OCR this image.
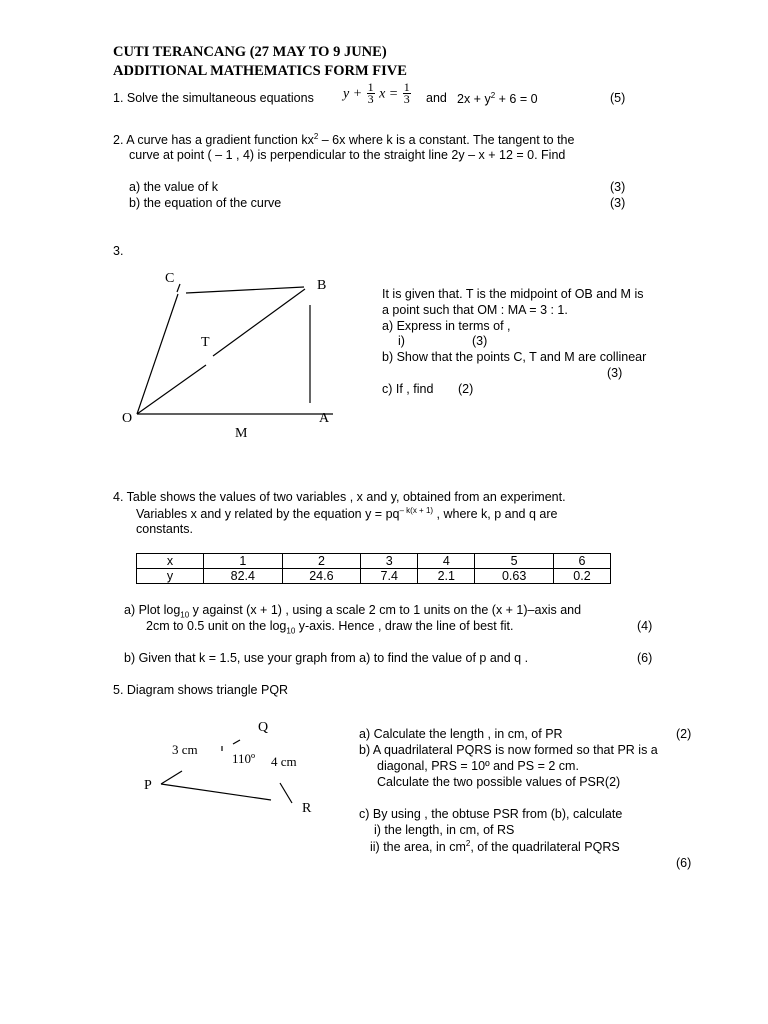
CUTI TERANCANG (27 MAY TO 9 JUNE)
ADDITIONAL MATHEMATICS FORM FIVE
1. Solve the simultaneous equations $y + \frac{1}{3}$ $x = \frac{1}{3}$ and $2x + y^2 + 6 = 0$	(5)
2. A curve has a gradient function $kx^2 - 6x$ where k is a constant. The tangent to the
curve at point ( – 1 , 4) is perpendicular to the straight line 2y – x + 12 = 0. Find
a) the value of k	(3)
b) the equation of the curve	(3)
3.
C	B
T
O	A
M
Q
P
R
3 cm
110º 4 cm
It is given that. T is the midpoint of OB and M is
a point such that OM : MA = 3 : 1.
a) Express in terms of ,
i)	(3)
b) Show that the points C, T and M are collinear
(3)
c) If , find (2)
4. Table shows the values of two variables , x and y, obtained from an experiment.
Variables x and y related by the equation $y = pq^{- k(x + 1)}$ , where k, p and q are
constants.
x	1	2	3	4	5	6
y	82.4	24.6	7.4	2.1	0.63	0.2
a) Plot $\log_{10} y$ against (x + 1) , using a scale 2 cm to 1 units on the (x + 1)–axis and
2cm to 0.5 unit on the $\log_{10}$ y-axis. Hence , draw the line of best fit.	(4)
b) Given that k = 1.5, use your graph from a) to find the value of p and q .	(6)
5. Diagram shows triangle PQR
a) Calculate the length , in cm, of PR	(2)
b) A quadrilateral PQRS is now formed so that PR is a
diagonal, PRS = 10º and PS = 2 cm.
Calculate the two possible values of PSR(2)
c) By using , the obtuse PSR from (b), calculate
i) the length, in cm, of RS
ii) the area, in $cm^2$, of the quadrilateral PQRS
(6)
